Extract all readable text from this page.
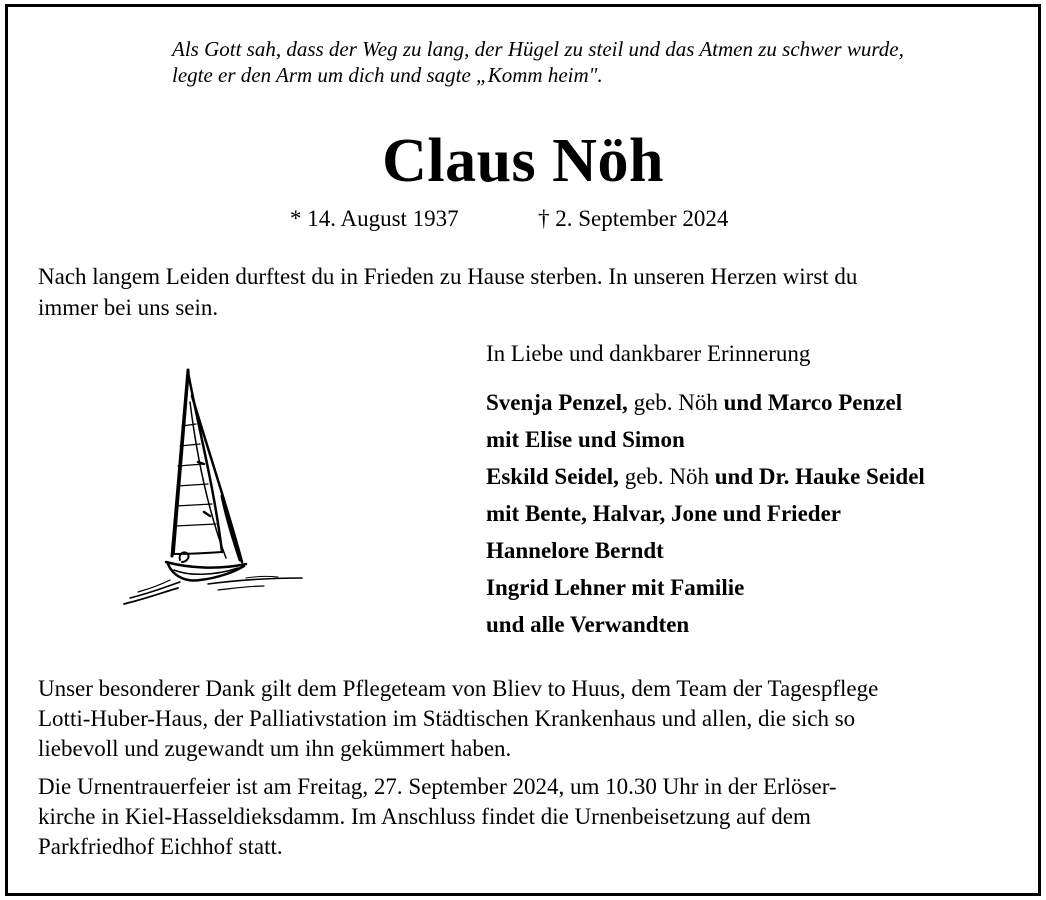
Als Gott sah, dass der Weg zu lang, der Hügel zu steil und das Atmen zu schwer wurde,
legte er den Arm um dich und sagte „Komm heim".
Claus Nöh
* 14. August 1937	† 2. September 2024
Nach langem Leiden durftest du in Frieden zu Hause sterben. In unseren Herzen wirst du
immer bei uns sein.
In Liebe und dankbarer Erinnerung
Svenja Penzel, geb. Nöh und Marco Penzel
mit Elise und Simon
Eskild Seidel, geb. Nöh und Dr. Hauke Seidel
mit Bente, Halvar, Jone und Frieder
Hannelore Berndt
Ingrid Lehner mit Familie
und alle Verwandten
Unser besonderer Dank gilt dem Pflegeteam von Bliev to Huus, dem Team der Tagespflege
Lotti-Huber-Haus, der Palliativstation im Städtischen Krankenhaus und allen, die sich so
liebevoll und zugewandt um ihn gekümmert haben.
Die Urnentrauerfeier ist am Freitag, 27. September 2024, um 10.30 Uhr in der Erlöser-
kirche in Kiel-Hasseldieksdamm. Im Anschluss findet die Urnenbeisetzung auf dem
Parkfriedhof Eichhof statt.
